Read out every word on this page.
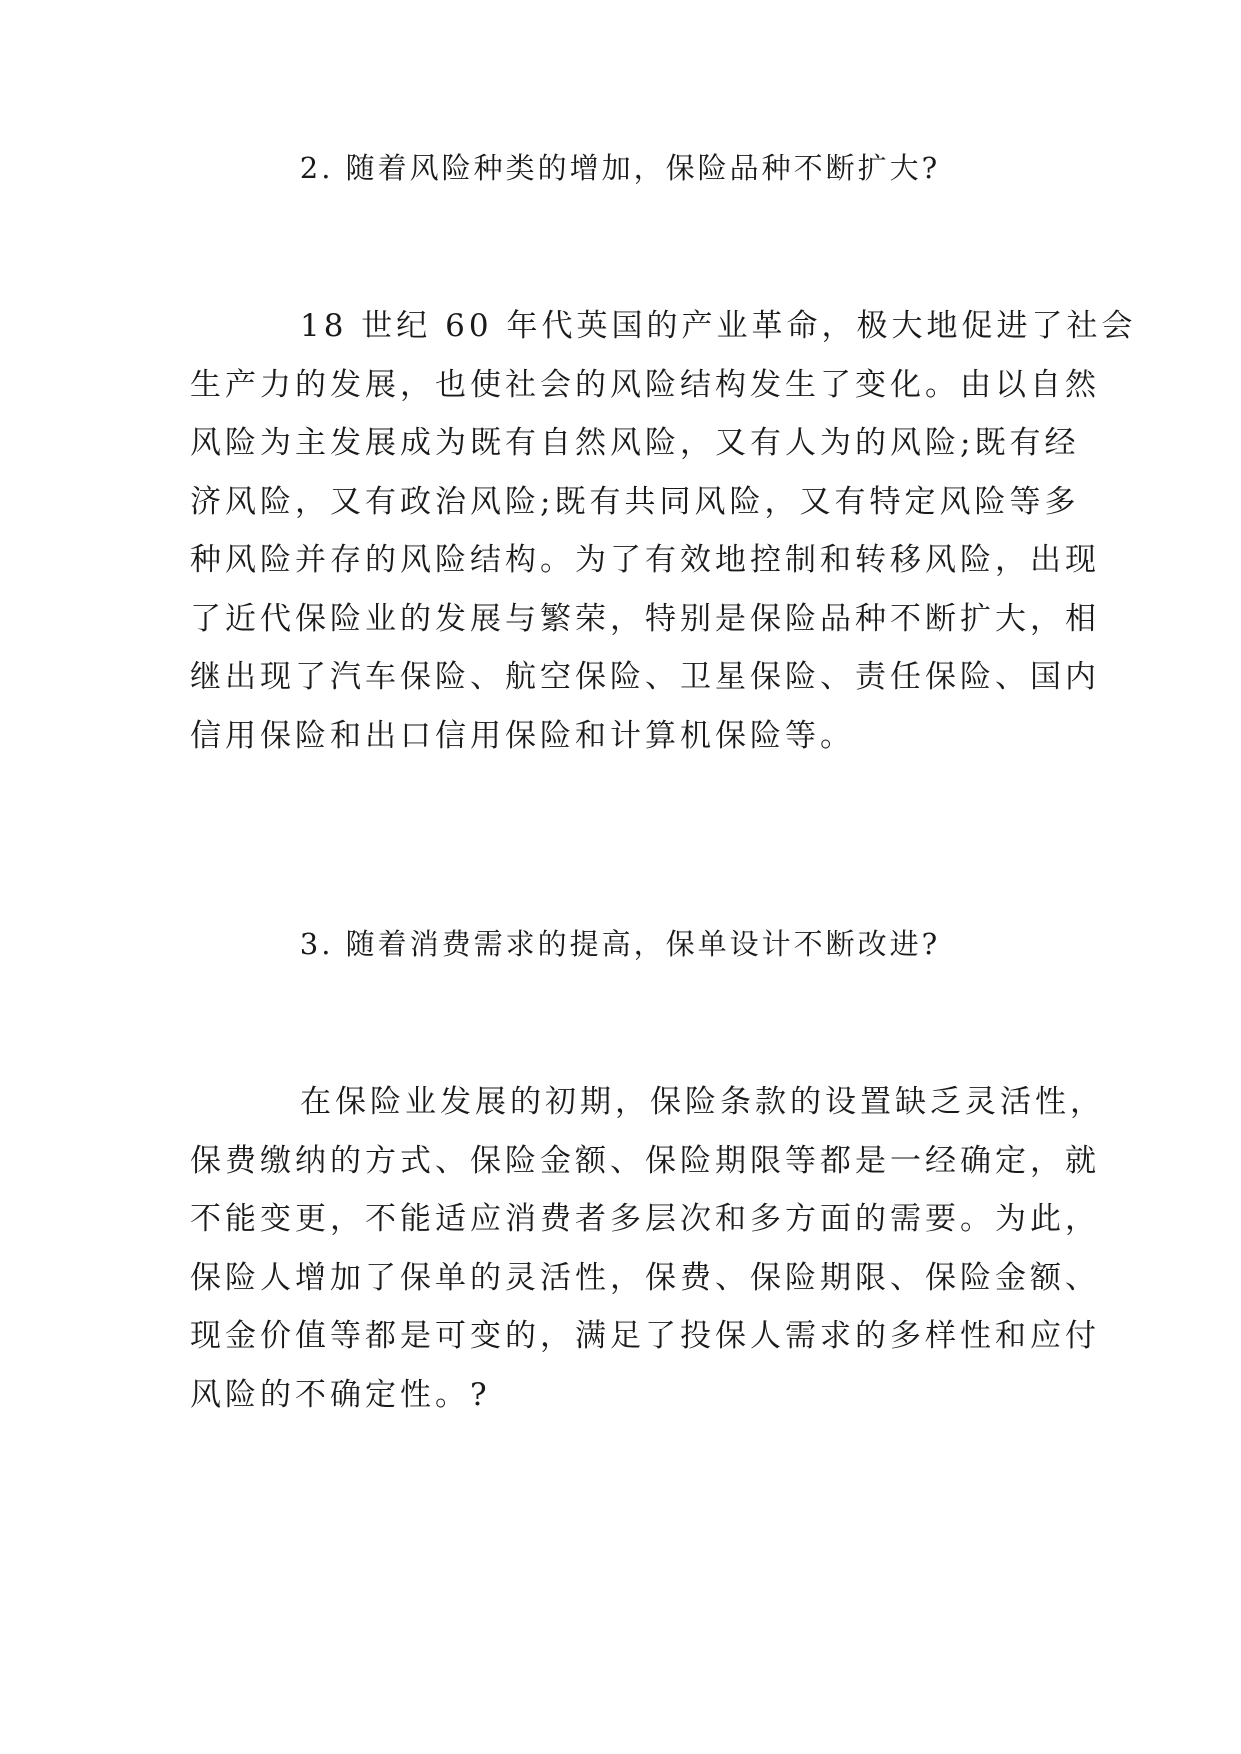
2. 随着风险种类的增加，保险品种不断扩大?
18 世纪 60 年代英国的产业革命，极大地促进了社会
生产力的发展，也使社会的风险结构发生了变化。由以自然
风险为主发展成为既有自然风险，又有人为的风险;既有经
济风险，又有政治风险;既有共同风险，又有特定风险等多
种风险并存的风险结构。为了有效地控制和转移风险，出现
了近代保险业的发展与繁荣，特别是保险品种不断扩大，相
继出现了汽车保险、航空保险、卫星保险、责任保险、国内
信用保险和出口信用保险和计算机保险等。
3. 随着消费需求的提高，保单设计不断改进?
在保险业发展的初期，保险条款的设置缺乏灵活性，
保费缴纳的方式、保险金额、保险期限等都是一经确定，就
不能变更，不能适应消费者多层次和多方面的需要。为此，
保险人增加了保单的灵活性，保费、保险期限、保险金额、
现金价值等都是可变的，满足了投保人需求的多样性和应付
风险的不确定性。?
